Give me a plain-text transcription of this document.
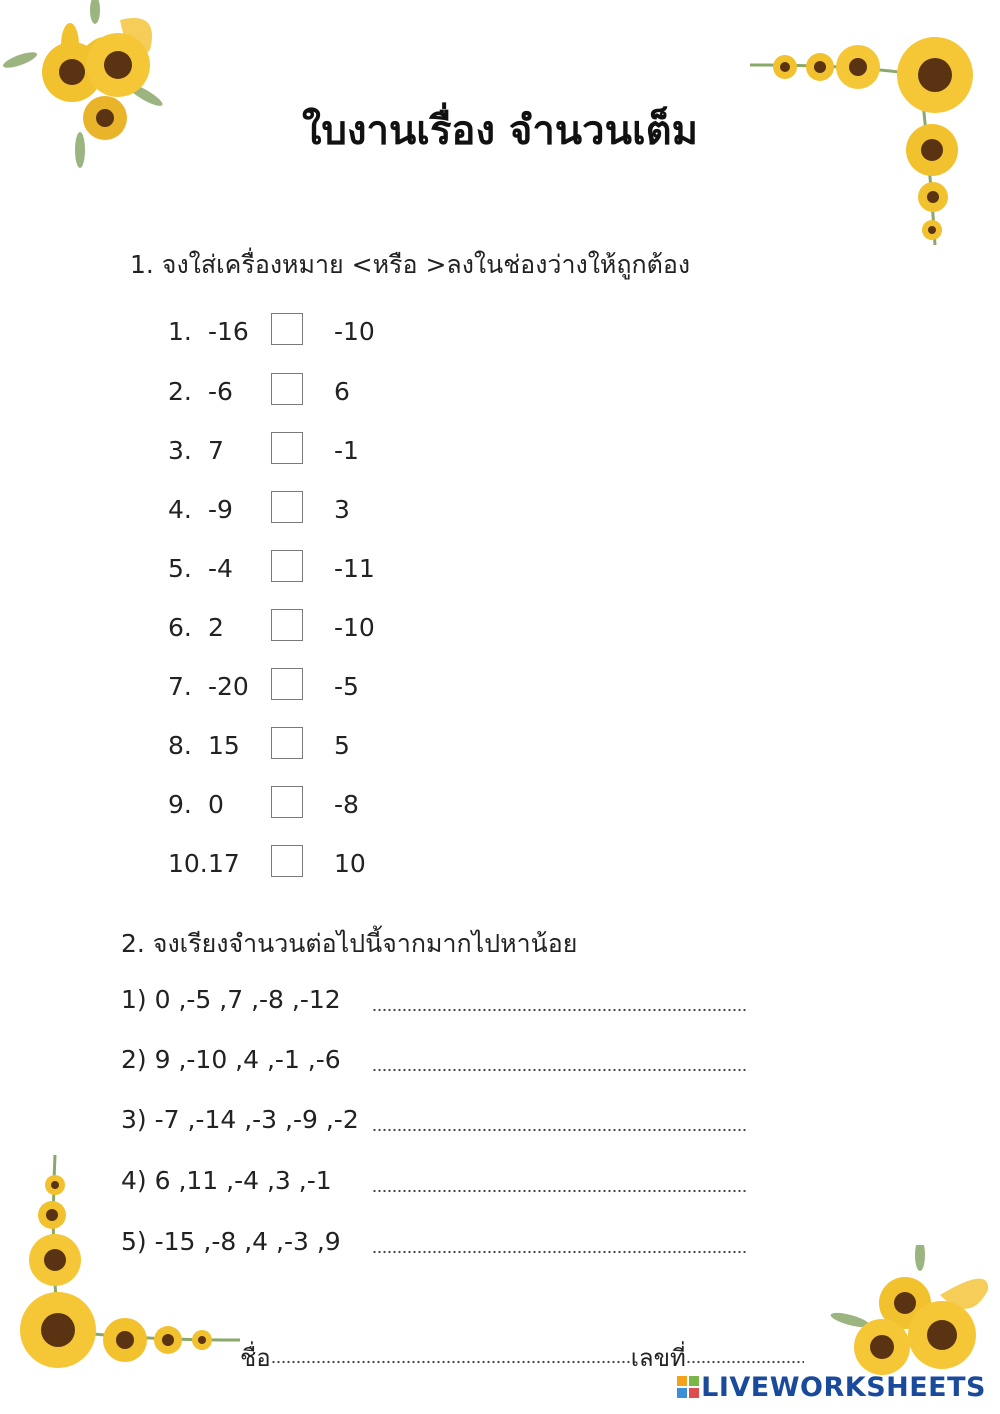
ใบงานเรื่อง จำนวนเต็ม
1. จงใส่เครื่องหมาย <หรือ >ลงในช่องว่างให้ถูกต้อง
1. -16	-10
2. -6	6
3. 7	-1
4. -9	3
5. -4	-11
6. 2	-10
7. -20	-5
8. 15	5
9. 0	-8
10. 17	10
2. จงเรียงจำนวนต่อไปนี้จากมากไปหาน้อย
1) 0 ,-5 ,7 ,-8 ,-12
2) 9 ,-10 ,4 ,-1 ,-6
3) -7 ,-14 ,-3 ,-9 ,-2
4) 6 ,11 ,-4 ,3 ,-1
5) -15 ,-8 ,4 ,-3 ,9
ชื่อ	เลขที่
LIVEWORKSHEETS
